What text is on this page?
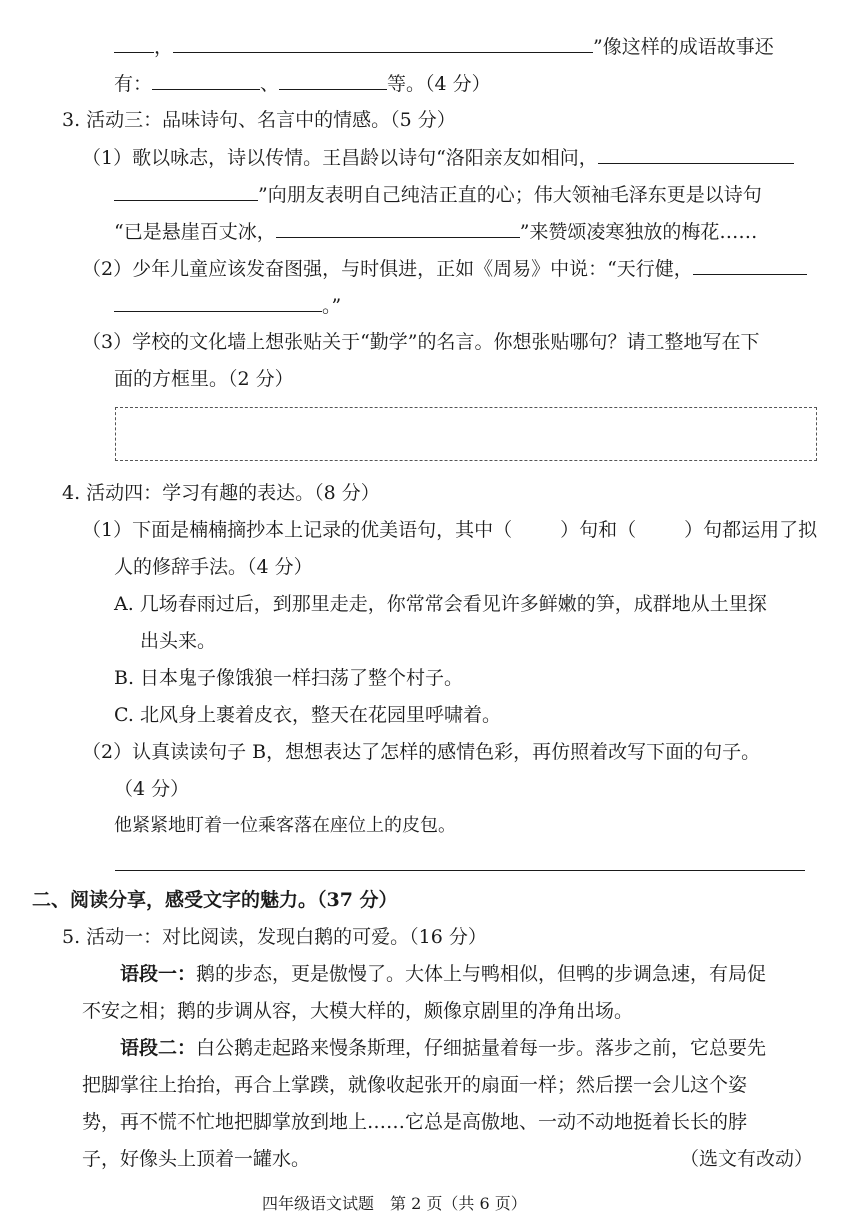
，	”像这样的成语故事还
有：	、	等。（4 分）
3. 活动三：品味诗句、名言中的情感。（5 分）
（1）歌以咏志，诗以传情。王昌龄以诗句“洛阳亲友如相问，
”向朋友表明自己纯洁正直的心；伟大领袖毛泽东更是以诗句
“已是悬崖百丈冰，	”来赞颂凌寒独放的梅花……
（2）少年儿童应该发奋图强，与时俱进，正如《周易》中说：“天行健，
。”
（3）学校的文化墙上想张贴关于“勤学”的名言。你想张贴哪句？请工整地写在下
面的方框里。（2 分）
4. 活动四：学习有趣的表达。（8 分）
（1）下面是楠楠摘抄本上记录的优美语句，其中（	）句和（	）句都运用了拟
人的修辞手法。（4 分）
A. 几场春雨过后，到那里走走，你常常会看见许多鲜嫩的笋，成群地从土里探
出头来。
B. 日本鬼子像饿狼一样扫荡了整个村子。
C. 北风身上裹着皮衣，整天在花园里呼啸着。
（2）认真读读句子 B，想想表达了怎样的感情色彩，再仿照着改写下面的句子。
（4 分）
他紧紧地盯着一位乘客落在座位上的皮包。
二、阅读分享，感受文字的魅力。（37 分）
5. 活动一：对比阅读，发现白鹅的可爱。（16 分）
语段一：鹅的步态，更是傲慢了。大体上与鸭相似，但鸭的步调急速，有局促
不安之相；鹅的步调从容，大模大样的，颇像京剧里的净角出场。
语段二：白公鹅走起路来慢条斯理，仔细掂量着每一步。落步之前，它总要先
把脚掌往上抬抬，再合上掌蹼，就像收起张开的扇面一样；然后摆一会儿这个姿
势，再不慌不忙地把脚掌放到地上……它总是高傲地、一动不动地挺着长长的脖
子，好像头上顶着一罐水。	（选文有改动）
四年级语文试题　第 2 页（共 6 页）
